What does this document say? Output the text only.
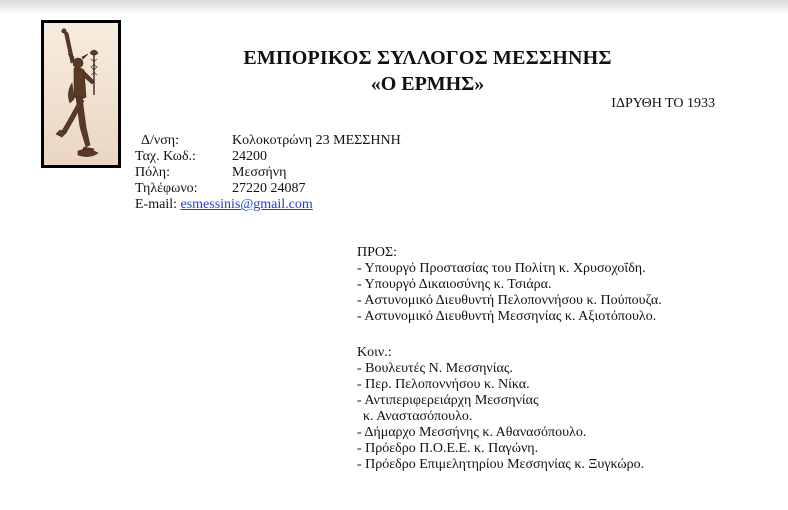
ΕΜΠΟΡΙΚΟΣ ΣΥΛΛΟΓΟΣ ΜΕΣΣΗΝΗΣ
«Ο ΕΡΜΗΣ»
ΙΔΡΥΘΗ ΤΟ 1933
Δ/νση:	Κολοκοτρώνη 23 ΜΕΣΣΗΝΗ
Ταχ. Κωδ.:	24200
Πόλη:	Μεσσήνη
Τηλέφωνο: 27220 24087
E-mail: esmessinis@gmail.com
ΠΡΟΣ:
- Υπουργό Προστασίας του Πολίτη κ. Χρυσοχοΐδη.
- Υπουργό Δικαιοσύνης κ. Τσιάρα.
- Αστυνομικό Διευθυντή Πελοποννήσου κ. Πούπουζα.
- Αστυνομικό Διευθυντή Μεσσηνίας κ. Αξιοτόπουλο.
Κοιν.:
- Βουλευτές Ν. Μεσσηνίας.
- Περ. Πελοποννήσου κ. Νίκα.
- Αντιπεριφερειάρχη Μεσσηνίας
κ. Αναστασόπουλο.
- Δήμαρχο Μεσσήνης κ. Αθανασόπουλο.
- Πρόεδρο Π.Ο.Ε.Ε. κ. Παγώνη.
- Πρόεδρο Επιμελητηρίου Μεσσηνίας κ. Ξυγκώρο.
